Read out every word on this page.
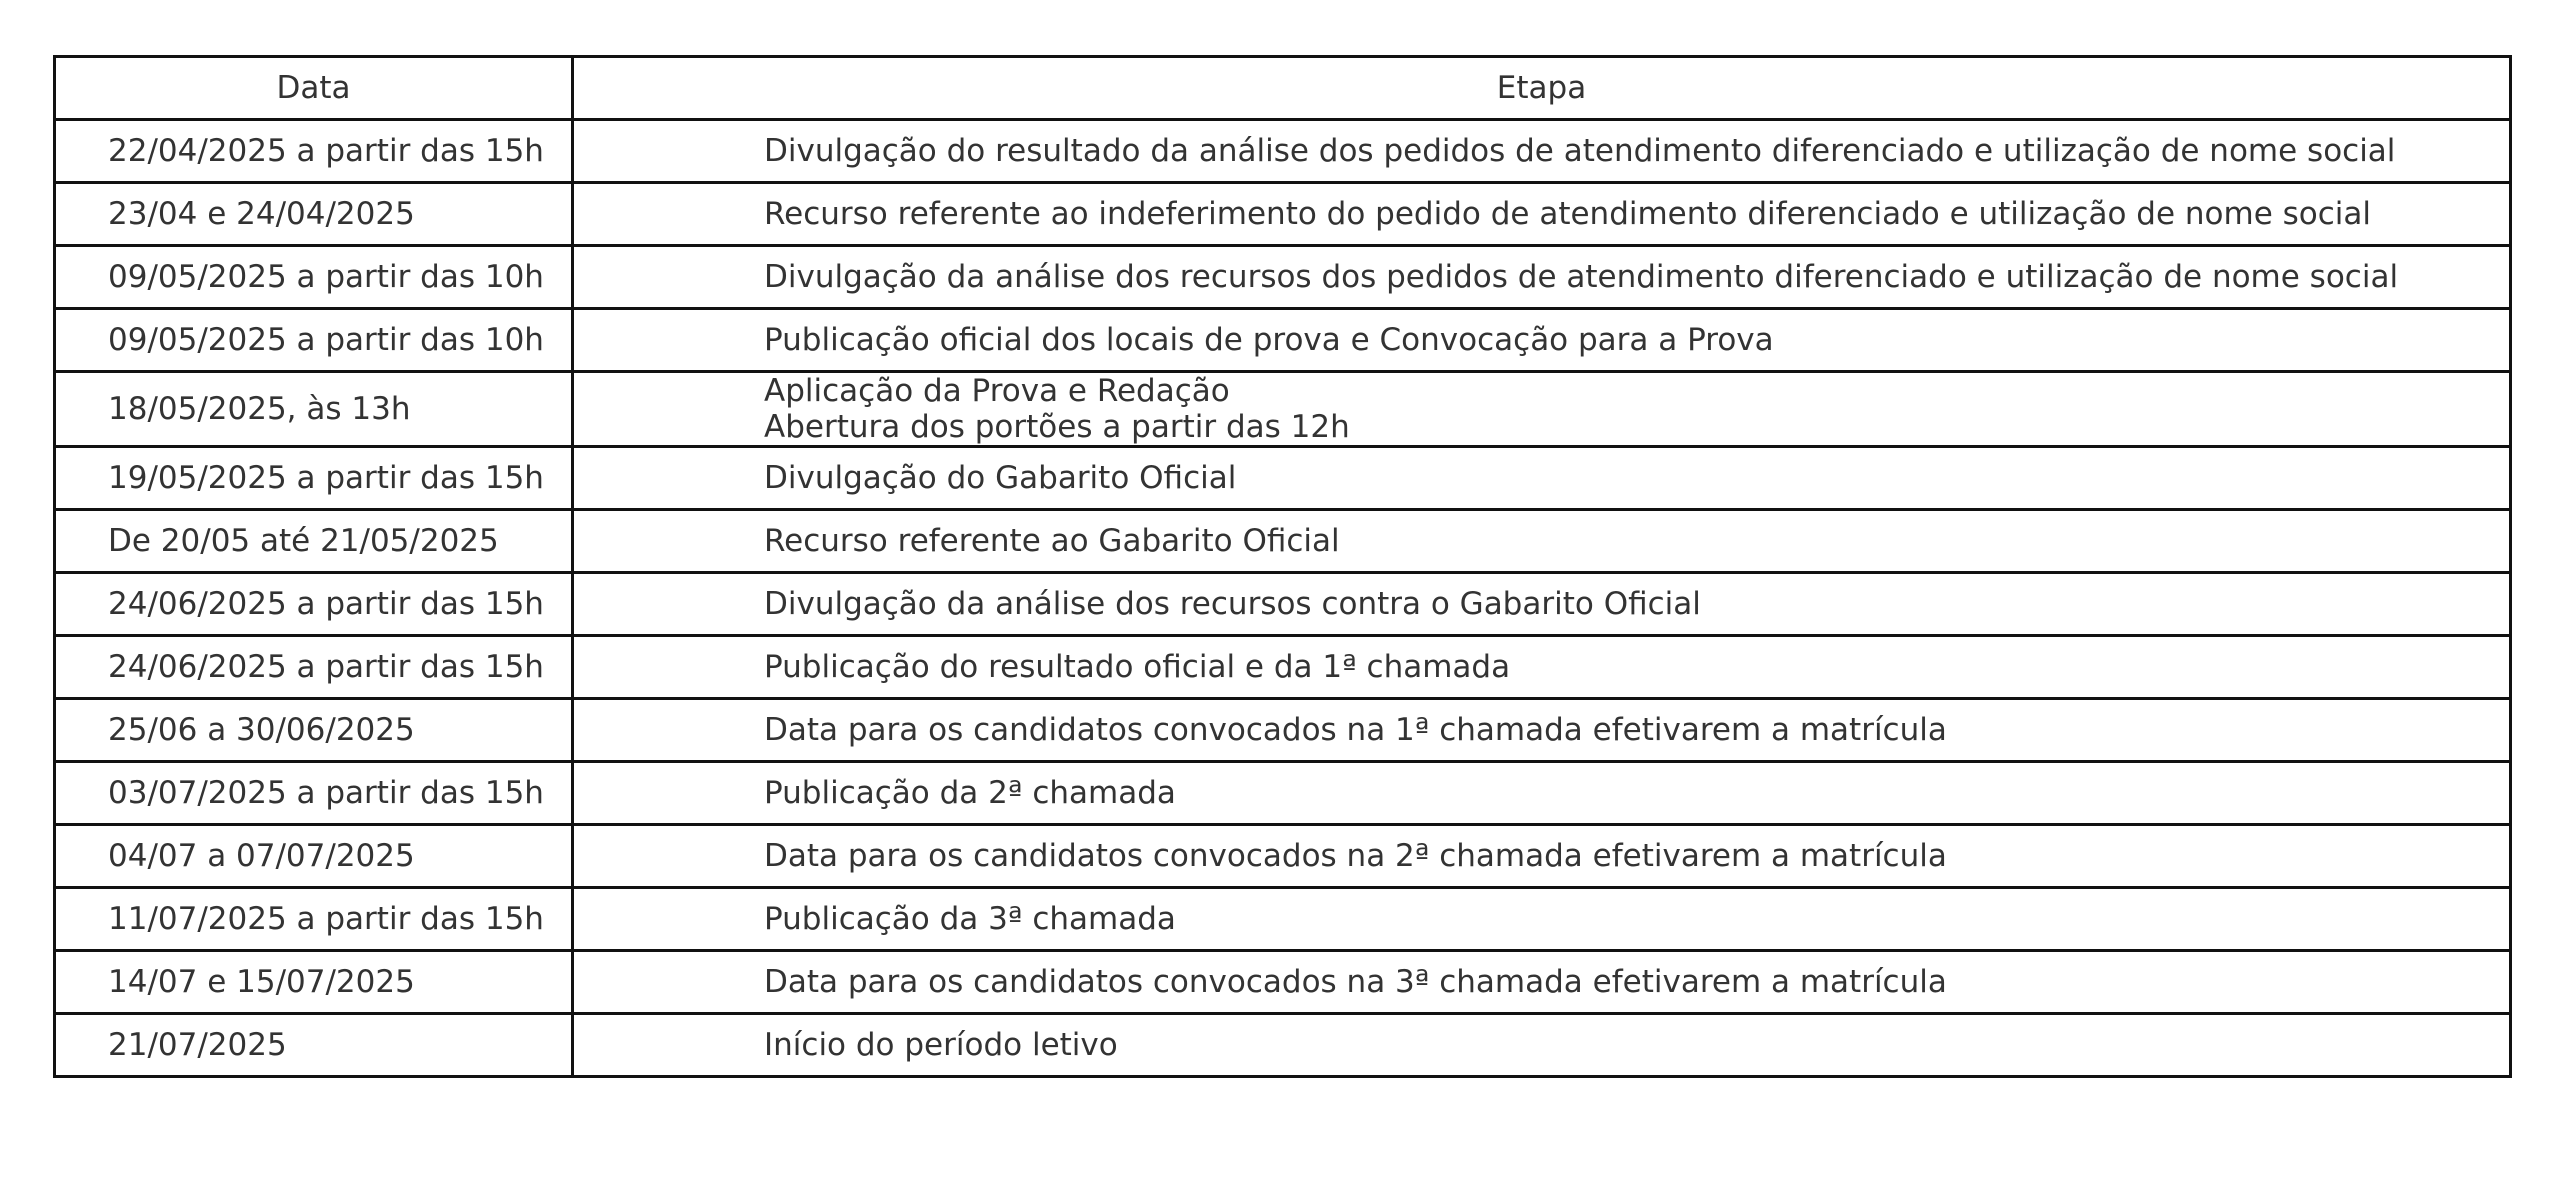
Data	Etapa
22/04/2025 a partir das 15h	Divulgação do resultado da análise dos pedidos de atendimento diferenciado e utilização de nome social

23/04 e 24/04/2025	Recurso referente ao indeferimento do pedido de atendimento diferenciado e utilização de nome social

09/05/2025 a partir das 10h	Divulgação da análise dos recursos dos pedidos de atendimento diferenciado e utilização de nome social

09/05/2025 a partir das 10h	Publicação oficial dos locais de prova e Convocação para a Prova

18/05/2025, às 13h	Aplicação da Prova e Redação
Abertura dos portões a partir das 12h

19/05/2025 a partir das 15h	Divulgação do Gabarito Oficial

De 20/05 até 21/05/2025	Recurso referente ao Gabarito Oficial

24/06/2025 a partir das 15h	Divulgação da análise dos recursos contra o Gabarito Oficial

24/06/2025 a partir das 15h	Publicação do resultado oficial e da 1ª chamada

25/06 a 30/06/2025	Data para os candidatos convocados na 1ª chamada efetivarem a matrícula

03/07/2025 a partir das 15h	Publicação da 2ª chamada

04/07 a 07/07/2025	Data para os candidatos convocados na 2ª chamada efetivarem a matrícula

11/07/2025 a partir das 15h	Publicação da 3ª chamada

14/07 e 15/07/2025	Data para os candidatos convocados na 3ª chamada efetivarem a matrícula

21/07/2025	Início do período letivo
